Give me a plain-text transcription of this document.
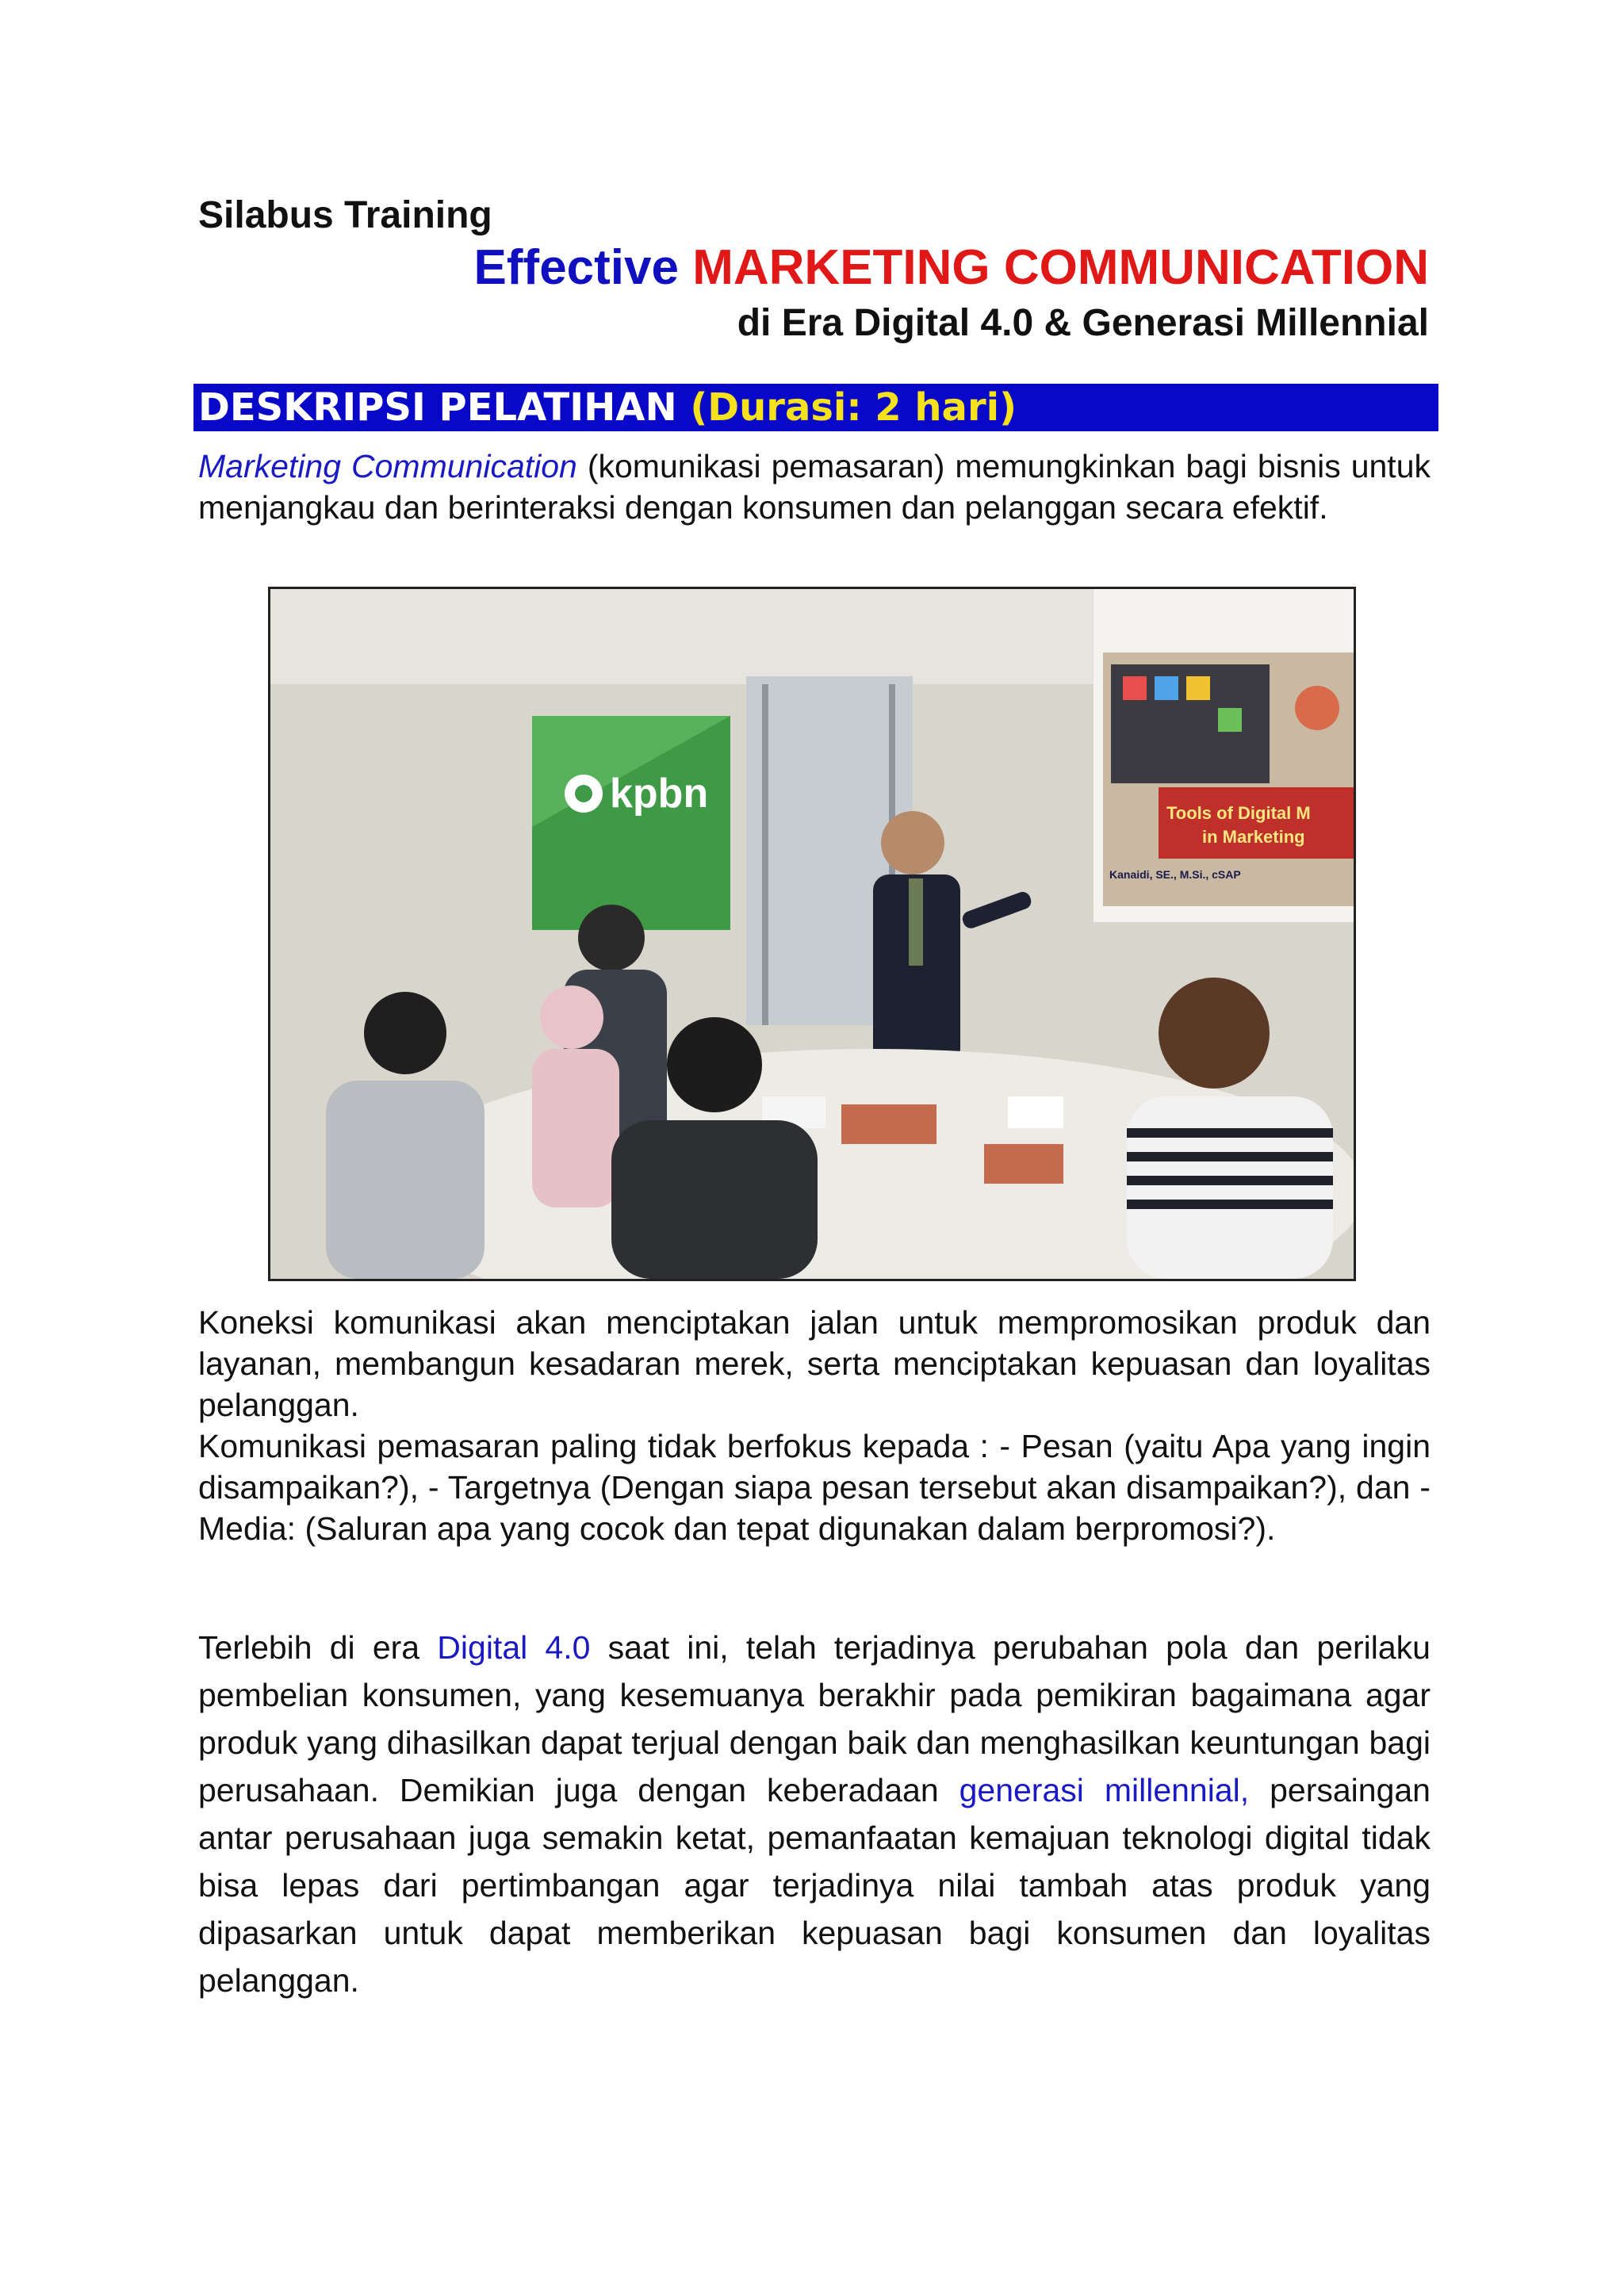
Silabus Training
Effective MARKETING COMMUNICATION
di Era Digital 4.0 & Generasi Millennial
DESKRIPSI PELATIHAN (Durasi: 2 hari)
Marketing Communication (komunikasi pemasaran) memungkinkan bagi bisnis untuk menjangkau dan berinteraksi dengan konsumen dan pelanggan secara efektif.
kpbn	Tools of Digital M
in Marketing
Kanaidi, SE., M.Si., cSAP
Koneksi komunikasi akan menciptakan jalan untuk mempromosikan produk dan layanan, membangun kesadaran merek, serta menciptakan kepuasan dan loyalitas pelanggan.
Komunikasi pemasaran paling tidak berfokus kepada : - Pesan (yaitu Apa yang ingin disampaikan?), - Targetnya (Dengan siapa pesan tersebut akan disampaikan?), dan - Media: (Saluran apa yang cocok dan tepat digunakan dalam berpromosi?).
Terlebih di era Digital 4.0 saat ini, telah terjadinya perubahan pola dan perilaku pembelian konsumen, yang kesemuanya berakhir pada pemikiran bagaimana agar produk yang dihasilkan dapat terjual dengan baik dan menghasilkan keuntungan bagi perusahaan. Demikian juga dengan keberadaan generasi millennial, persaingan antar perusahaan juga semakin ketat, pemanfaatan kemajuan teknologi digital tidak bisa lepas dari pertimbangan agar terjadinya nilai tambah atas produk yang dipasarkan untuk dapat memberikan kepuasan bagi konsumen dan loyalitas pelanggan.
